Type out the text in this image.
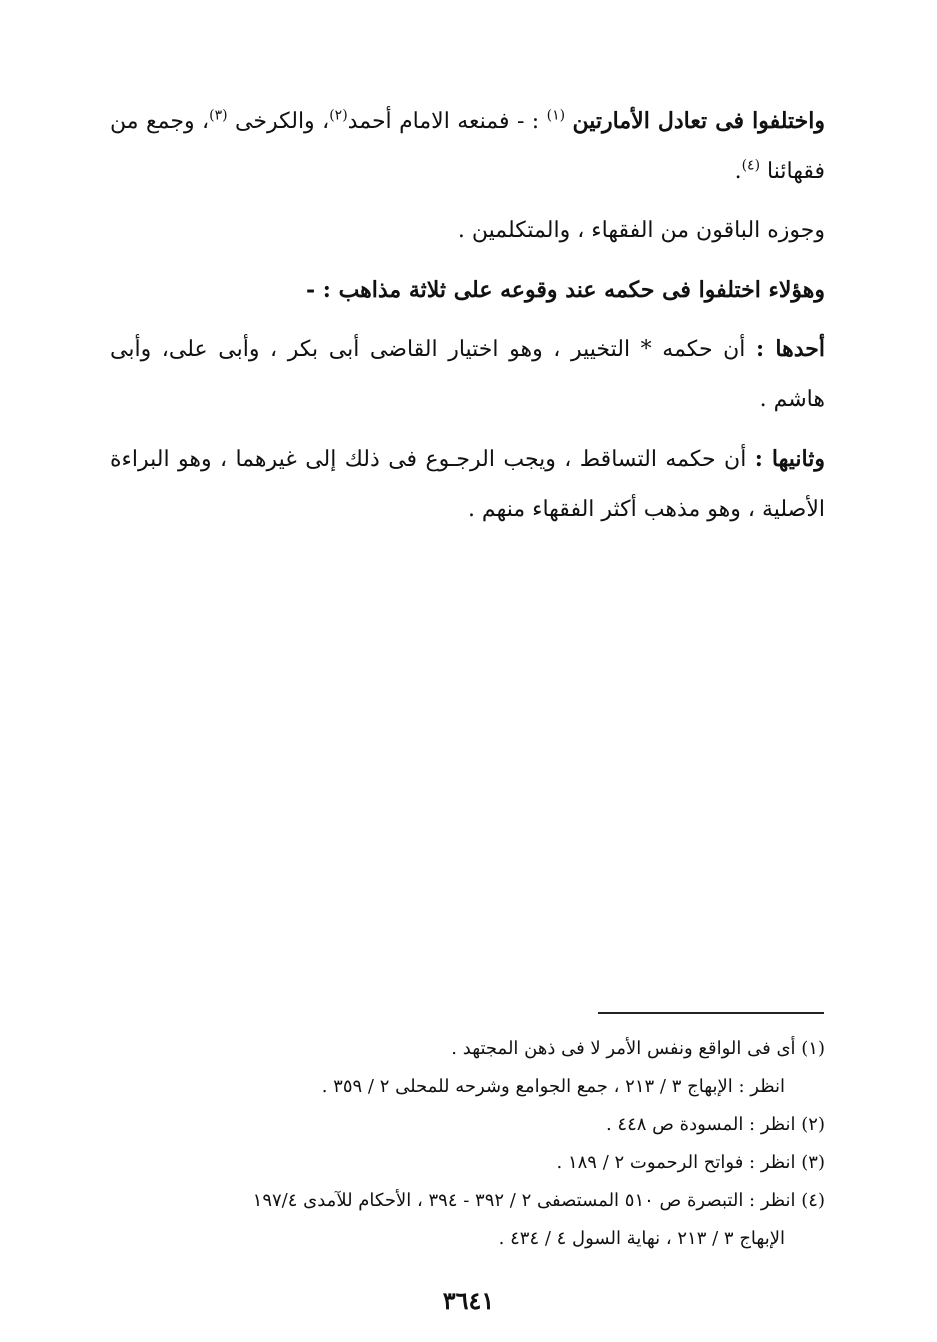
واختلفوا فى تعادل الأمارتين $^{(١)}$ : - فمنعه الامام أحمد$^{(٢)}$، والكرخى $^{(٣)}$، وجمع من فقهائنا $^{(٤)}$.

وجوزه الباقون من الفقهاء ، والمتكلمين .

وهؤلاء اختلفوا فى حكمه عند وقوعه على ثلاثة مذاهب : -

أحدها : أن حكمه * التخيير ، وهو اختيار القاضى أبى بكر ، وأبى على، وأبى هاشم .

وثانيها : أن حكمه التساقط ، ويجب الرجـوع فى ذلك إلى غيرهما ، وهو البراءة الأصلية ، وهو مذهب أكثر الفقهاء منهم .

(١) أى فى الواقع ونفس الأمر لا فى ذهن المجتهد .

انظر : الإبهاج ٣ / ٢١٣ ، جمع الجوامع وشرحه للمحلى ٢ / ٣٥٩ .

(٢) انظر : المسودة ص ٤٤٨ .

(٣) انظر : فواتح الرحموت ٢ / ١٨٩ .

(٤) انظر : التبصرة ص ٥١٠ المستصفى ٢ / ٣٩٢ - ٣٩٤ ، الأحكام للآمدى ١٩٧/٤

الإبهاج ٣ / ٢١٣ ، نهاية السول ٤ / ٤٣٤ .

٣٦٤١
